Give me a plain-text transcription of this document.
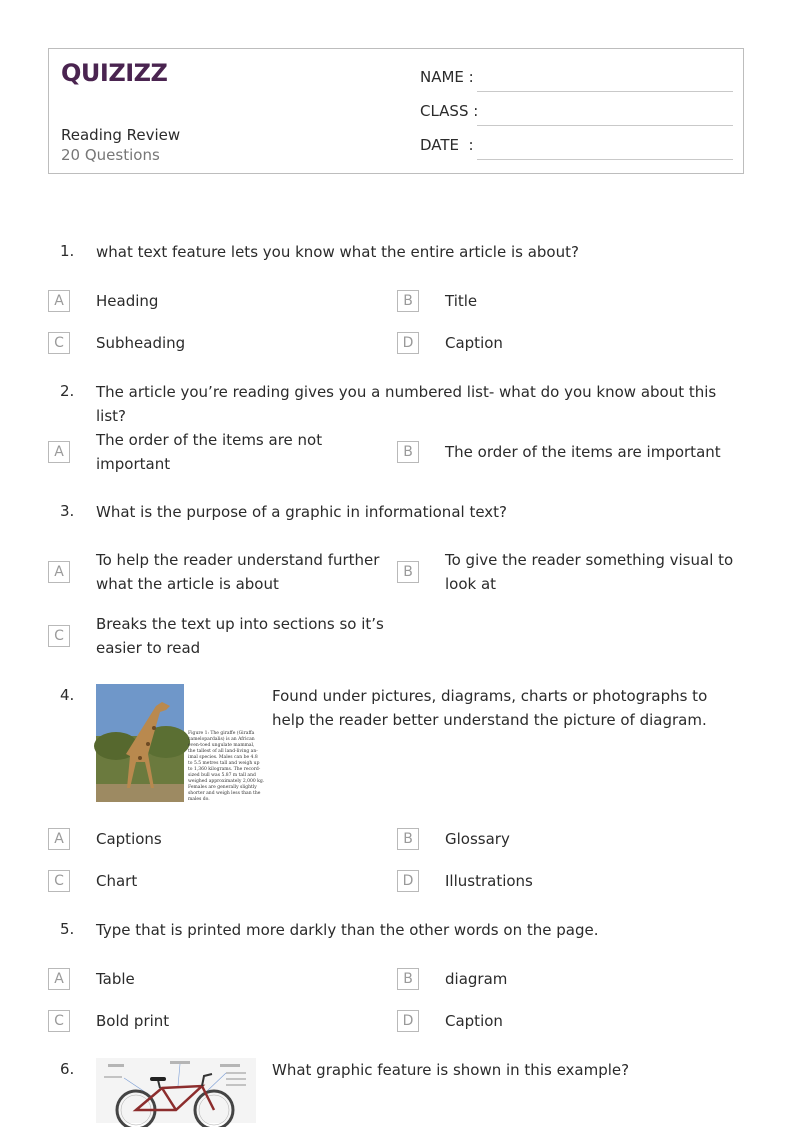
QUIZIZZ
Reading Review
20 Questions
NAME :
CLASS :
DATE  :
1. what text feature lets you know what the entire article is about?
A	Heading	B	Title
C	Subheading	D	Caption
2. The article you’re reading gives you a numbered list- what do you know about this list?
A
The order of the items are not important
B	The order of the items are important
3. What is the purpose of a graphic in informational text?
A
To help the reader understand further what the article is about
B
To give the reader something visual to look at
C
Breaks the text up into sections so it’s easier to read
4.
Figure 1: The giraffe (Giraffa
camelopardalis) is an African
even-toed ungulate mammal,
the tallest of all land-living an-
imal species. Males can be 4.8
to 5.5 metres tall and weigh up
to 1,360 kilograms. The record-
sized bull was 5.87 m tall and
weighed approximately 2,000 kg.
Females are generally slightly
shorter and weigh less than the
males do.
Found under pictures, diagrams, charts or photographs to help the reader better understand the picture of diagram.
A	Captions	B	Glossary
C	Chart	D	Illustrations
5. Type that is printed more darkly than the other words on the page.
A	Table	B	diagram
C	Bold print	D	Caption
6.	What graphic feature is shown in this example?
